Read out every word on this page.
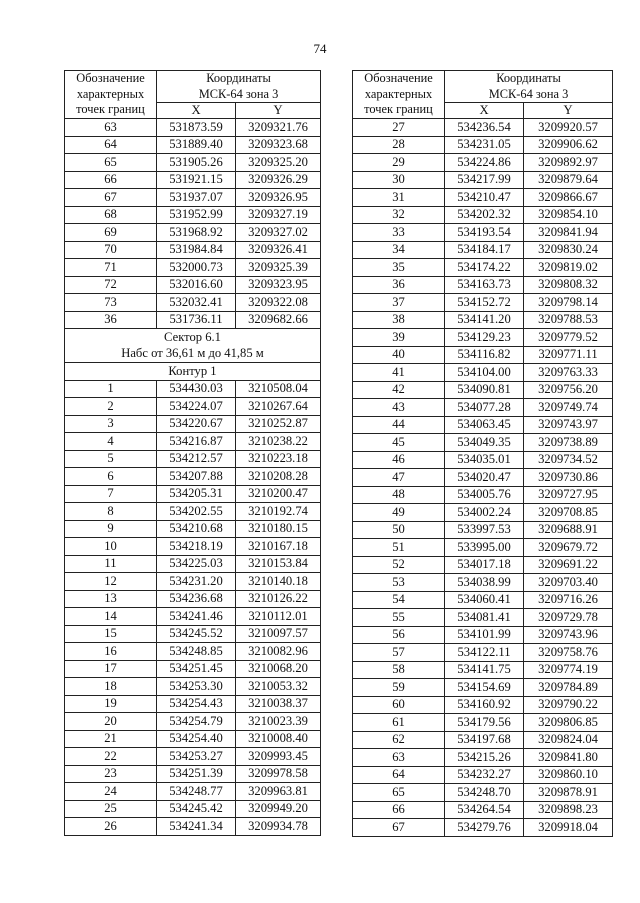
74
Обозначение
характерных
точек границ	Координаты
МСК-64 зона 3	

	X	Y
63	531873.59	3209321.76
64	531889.40	3209323.68
65	531905.26	3209325.20
66	531921.15	3209326.29
67	531937.07	3209326.95
68	531952.99	3209327.19
69	531968.92	3209327.02
70	531984.84	3209326.41
71	532000.73	3209325.39
72	532016.60	3209323.95
73	532032.41	3209322.08
36	531736.11	3209682.66
Сектор 6.1		
Набс от 36,61 м до 41,85 м		
Контур 1		
1	534430.03	3210508.04
2	534224.07	3210267.64
3	534220.67	3210252.87
4	534216.87	3210238.22
5	534212.57	3210223.18
6	534207.88	3210208.28
7	534205.31	3210200.47
8	534202.55	3210192.74
9	534210.68	3210180.15
10	534218.19	3210167.18
11	534225.03	3210153.84
12	534231.20	3210140.18
13	534236.68	3210126.22
14	534241.46	3210112.01
15	534245.52	3210097.57
16	534248.85	3210082.96
17	534251.45	3210068.20
18	534253.30	3210053.32
19	534254.43	3210038.37
20	534254.79	3210023.39
21	534254.40	3210008.40
22	534253.27	3209993.45
23	534251.39	3209978.58
24	534248.77	3209963.81
25	534245.42	3209949.20
26	534241.34	3209934.78
Обозначение
характерных
точек границ	Координаты
МСК-64 зона 3	

	X	Y
27	534236.54	3209920.57
28	534231.05	3209906.62
29	534224.86	3209892.97
30	534217.99	3209879.64
31	534210.47	3209866.67
32	534202.32	3209854.10
33	534193.54	3209841.94
34	534184.17	3209830.24
35	534174.22	3209819.02
36	534163.73	3209808.32
37	534152.72	3209798.14
38	534141.20	3209788.53
39	534129.23	3209779.52
40	534116.82	3209771.11
41	534104.00	3209763.33
42	534090.81	3209756.20
43	534077.28	3209749.74
44	534063.45	3209743.97
45	534049.35	3209738.89
46	534035.01	3209734.52
47	534020.47	3209730.86
48	534005.76	3209727.95
49	534002.24	3209708.85
50	533997.53	3209688.91
51	533995.00	3209679.72
52	534017.18	3209691.22
53	534038.99	3209703.40
54	534060.41	3209716.26
55	534081.41	3209729.78
56	534101.99	3209743.96
57	534122.11	3209758.76
58	534141.75	3209774.19
59	534154.69	3209784.89
60	534160.92	3209790.22
61	534179.56	3209806.85
62	534197.68	3209824.04
63	534215.26	3209841.80
64	534232.27	3209860.10
65	534248.70	3209878.91
66	534264.54	3209898.23
67	534279.76	3209918.04
